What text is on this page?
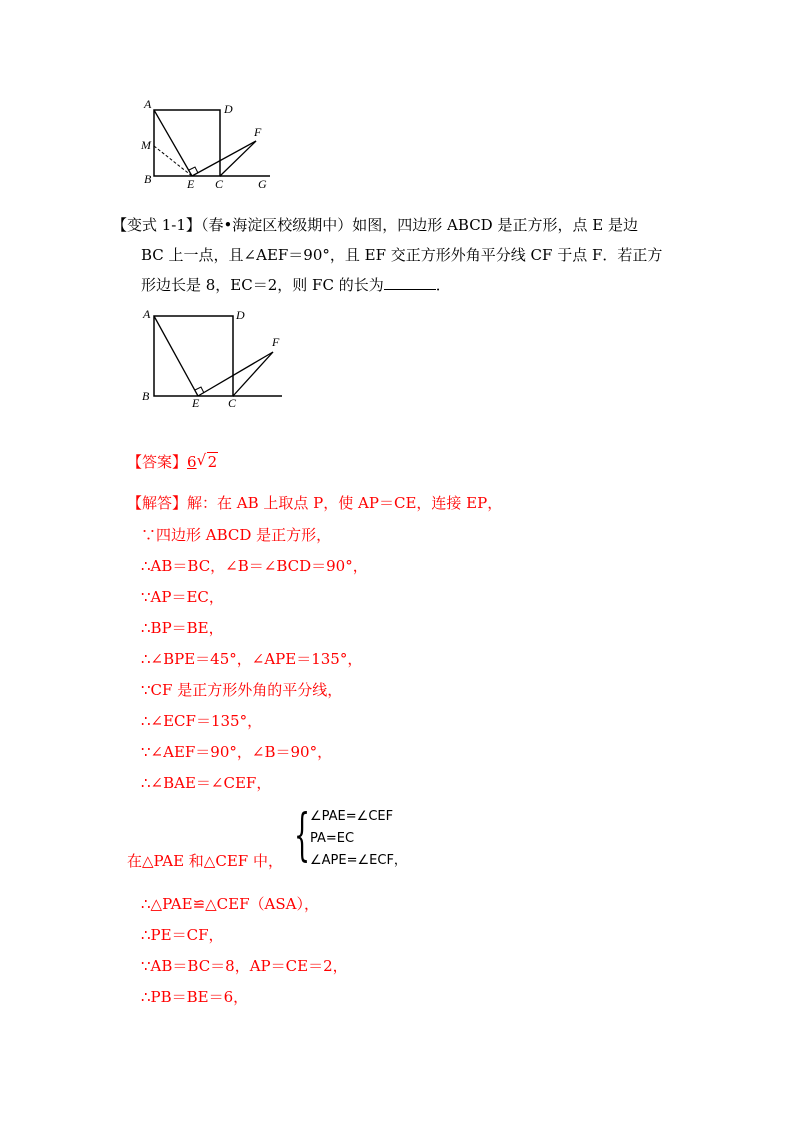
A	D
M
F
B	E C	G
【变式 1-1】（春•海淀区校级期中）如图，四边形 ABCD 是正方形，点 E 是边
BC 上一点，且∠AEF＝90°，且 EF 交正方形外角平分线 CF 于点 F．若正方
形边长是 8，EC＝2，则 FC 的长为	．
A	D
F
B	E C
【答案】6 √ 2
【解答】解：在 AB 上取点 P，使 AP＝CE，连接 EP，
∵四边形 ABCD 是正方形，
∴AB＝BC，∠B＝∠BCD＝90°，
∵AP＝EC，
∴BP＝BE，
∴∠BPE＝45°，∠APE＝135°，
∵CF 是正方形外角的平分线，
∴∠ECF＝135°，
∵∠AEF＝90°，∠B＝90°，
∴∠BAE＝∠CEF，
在△PAE 和△CEF 中， { ∠PAE=∠CEF
PA=EC
∠APE=∠ECF，
∴△PAE≌△CEF（ASA），
∴PE＝CF，
∵AB＝BC＝8，AP＝CE＝2，
∴PB＝BE＝6，
